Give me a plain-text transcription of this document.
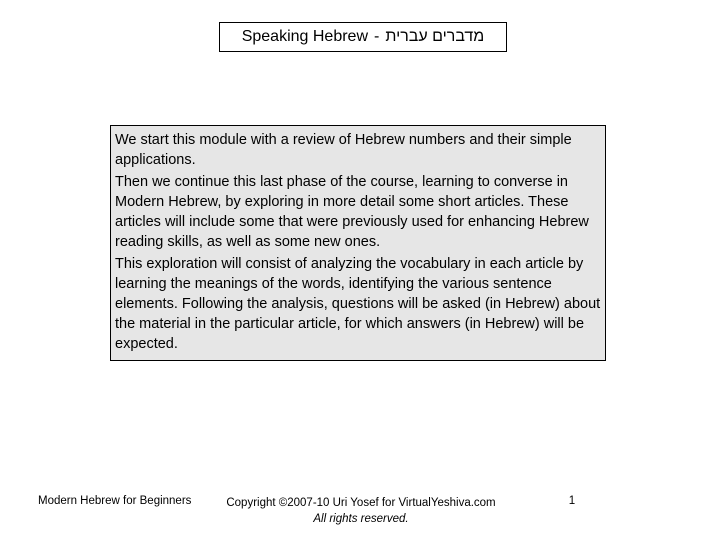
Speaking Hebrew - מדברים עברית

We start this module with a review of Hebrew numbers and their simple applications.

Then we continue this last phase of the course, learning to converse in Modern Hebrew, by exploring in more detail some short articles. These articles will include some that were previously used for enhancing Hebrew reading skills, as well as some new ones.

This exploration will consist of analyzing the vocabulary in each article by learning the meanings of the words, identifying the various sentence elements. Following the analysis, questions will be asked (in Hebrew) about the material in the particular article, for which answers (in Hebrew) will be expected.

Modern Hebrew for Beginners	Copyright ©2007-10 Uri Yosef for VirtualYeshiva.com
All rights reserved.
1
